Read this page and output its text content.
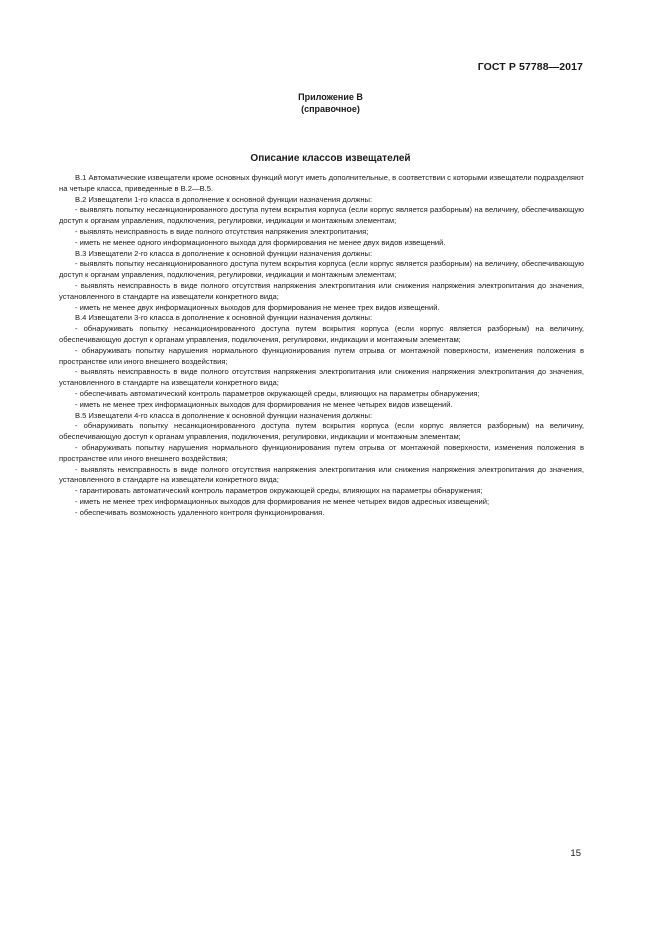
ГОСТ Р 57788—2017
Приложение В
(справочное)
Описание классов извещателей

В.1 Автоматические извещатели кроме основных функций могут иметь дополнительные, в соответствии с которыми извещатели подразделяют на четыре класса, приведенные в В.2—В.5.

В.2 Извещатели 1-го класса в дополнение к основной функции назначения должны:

- выявлять попытку несанкционированного доступа путем вскрытия корпуса (если корпус является разборным) на величину, обеспечивающую доступ к органам управления, подключения, регулировки, индикации и монтажным элементам;

- выявлять неисправность в виде полного отсутствия напряжения электропитания;

- иметь не менее одного информационного выхода для формирования не менее двух видов извещений.

В.3 Извещатели 2-го класса в дополнение к основной функции назначения должны:

- выявлять попытку несанкционированного доступа путем вскрытия корпуса (если корпус является разборным) на величину, обеспечивающую доступ к органам управления, подключения, регулировки, индикации и монтажным элементам;

- выявлять неисправность в виде полного отсутствия напряжения электропитания или снижения напряжения электропитания до значения, установленного в стандарте на извещатели конкретного вида;

- иметь не менее двух информационных выходов для формирования не менее трех видов извещений.

В.4 Извещатели 3-го класса в дополнение к основной функции назначения должны:

- обнаруживать попытку несанкционированного доступа путем вскрытия корпуса (если корпус является разборным) на величину, обеспечивающую доступ к органам управления, подключения, регулировки, индикации и монтажным элементам;

- обнаруживать попытку нарушения нормального функционирования путем отрыва от монтажной поверхности, изменения положения в пространстве или иного внешнего воздействия;

- выявлять неисправность в виде полного отсутствия напряжения электропитания или снижения напряжения электропитания до значения, установленного в стандарте на извещатели конкретного вида;

- обеспечивать автоматический контроль параметров окружающей среды, влияющих на параметры обнаружения;

- иметь не менее трех информационных выходов для формирования не менее четырех видов извещений.

В.5 Извещатели 4-го класса в дополнение к основной функции назначения должны:

- обнаруживать попытку несанкционированного доступа путем вскрытия корпуса (если корпус является разборным) на величину, обеспечивающую доступ к органам управления, подключения, регулировки, индикации и монтажным элементам;

- обнаруживать попытку нарушения нормального функционирования путем отрыва от монтажной поверхности, изменения положения в пространстве или иного внешнего воздействия;

- выявлять неисправность в виде полного отсутствия напряжения электропитания или снижения напряжения электропитания до значения, установленного в стандарте на извещатели конкретного вида;

- гарантировать автоматический контроль параметров окружающей среды, влияющих на параметры обнаружения;

- иметь не менее трех информационных выходов для формирования не менее четырех видов адресных извещений;

- обеспечивать возможность удаленного контроля функционирования.

15
